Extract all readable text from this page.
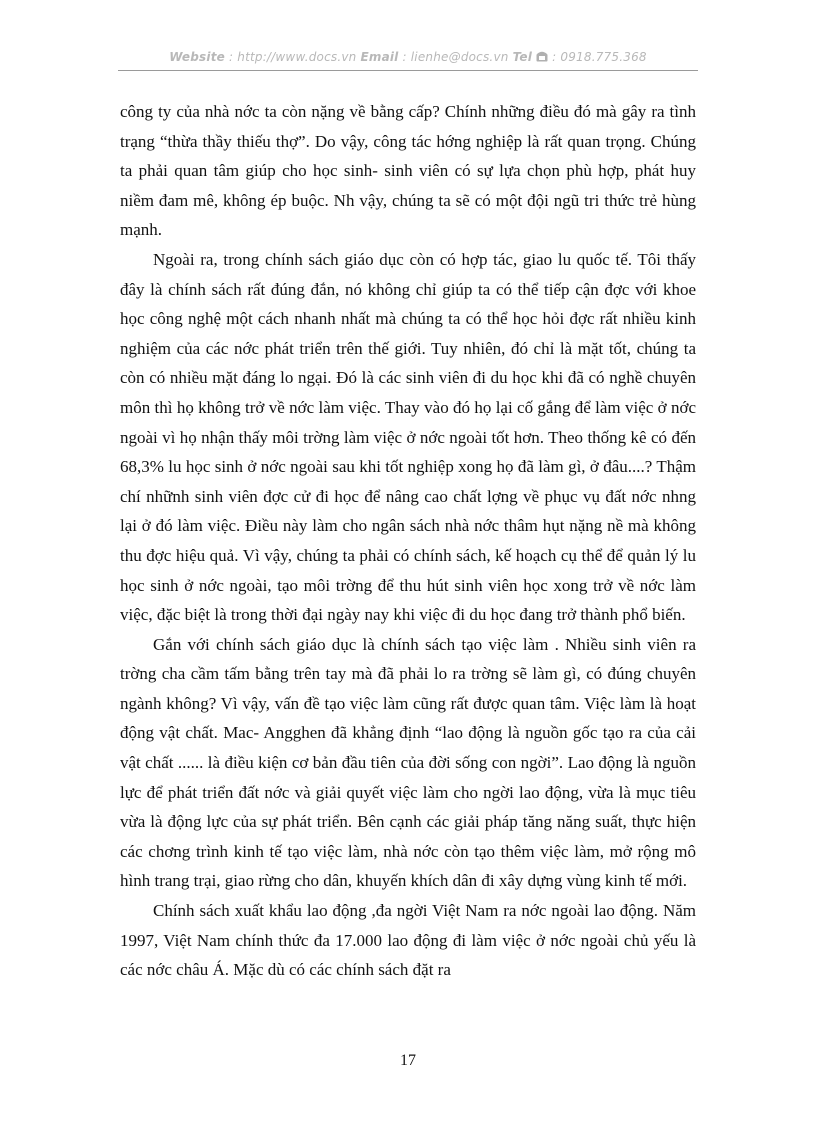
Website : http://www.docs.vn Email : lienhe@docs.vn Tel : 0918.775.368

công ty của nhà nớc ta còn nặng về bằng cấp? Chính những điều đó mà gây ra tình trạng “thừa thầy thiếu thợ”. Do vậy, công tác hớng nghiệp là rất quan trọng. Chúng ta phải quan tâm giúp cho học sinh- sinh viên có sự lựa chọn phù hợp, phát huy niềm đam mê, không ép buộc. Nh vậy, chúng ta sẽ có một đội ngũ tri thức trẻ hùng mạnh.

Ngoài ra, trong chính sách giáo dục còn có hợp tác, giao lu quốc tế. Tôi thấy đây là chính sách rất đúng đắn, nó không chỉ giúp ta có thể tiếp cận đợc với khoe học công nghệ một cách nhanh nhất mà chúng ta có thể học hỏi đợc rất nhiều kinh nghiệm của các nớc phát triển trên thế giới. Tuy nhiên, đó chỉ là mặt tốt, chúng ta còn có nhiều mặt đáng lo ngại. Đó là các sinh viên đi du học khi đã có nghề chuyên môn thì họ không trở về nớc làm việc. Thay vào đó họ lại cố gắng để làm việc ở nớc ngoài vì họ nhận thấy môi trờng làm việc ở nớc ngoài tốt hơn. Theo thống kê có đến 68,3% lu học sinh ở nớc ngoài sau khi tốt nghiệp xong họ đã làm gì, ở đâu....? Thậm chí nhữnh sinh viên đợc cử đi học để nâng cao chất lợng về phục vụ đất nớc nhng lại ở đó làm việc. Điều này làm cho ngân sách nhà nớc thâm hụt nặng nề mà không thu đợc hiệu quả. Vì vậy, chúng ta phải có chính sách, kế hoạch cụ thể để quản lý lu học sinh ở nớc ngoài, tạo môi trờng để thu hút sinh viên học xong trở về nớc làm việc, đặc biệt là trong thời đại ngày nay khi việc đi du học đang trở thành phổ biến.

Gắn với chính sách giáo dục là chính sách tạo việc làm . Nhiều sinh viên ra trờng cha cầm tấm bằng trên tay mà đã phải lo ra trờng sẽ làm gì, có đúng chuyên ngành không? Vì vậy, vấn đề tạo việc làm cũng rất được quan tâm. Việc làm là hoạt động vật chất. Mac- Angghen đã khẳng định “lao động là nguồn gốc tạo ra của cải vật chất ...... là điều kiện cơ bản đầu tiên của đời sống con ngời”. Lao động là nguồn lực để phát triển đất nớc và giải quyết việc làm cho ngời lao động, vừa là mục tiêu vừa là động lực của sự phát triển. Bên cạnh các giải pháp tăng năng suất, thực hiện các chơng trình kinh tế tạo việc làm, nhà nớc còn tạo thêm việc làm, mở rộng mô hình trang trại, giao rừng cho dân, khuyến khích dân đi xây dựng vùng kinh tế mới.

Chính sách xuất khẩu lao động ,đa ngời Việt Nam ra nớc ngoài lao động. Năm 1997, Việt Nam chính thức đa 17.000 lao động đi làm việc ở nớc ngoài chủ yếu là các nớc châu Á. Mặc dù có các chính sách đặt ra

17
